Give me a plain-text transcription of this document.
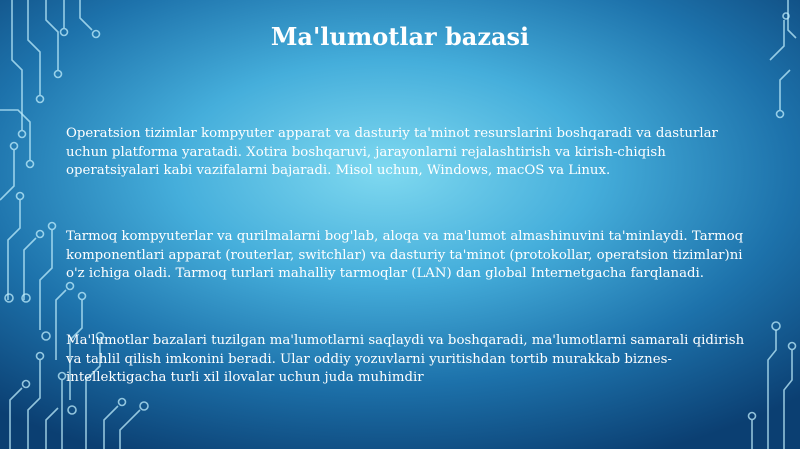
Ma'lumotlar bazasi

Operatsion tizimlar kompyuter apparat va dasturiy ta'minot resurslarini boshqaradi va dasturlar uchun platforma yaratadi. Xotira boshqaruvi, jarayonlarni rejalashtirish va kirish-chiqish operatsiyalari kabi vazifalarni bajaradi. Misol uchun, Windows, macOS va Linux.

Tarmoq kompyuterlar va qurilmalarni bog'lab, aloqa va ma'lumot almashinuvini ta'minlaydi. Tarmoq komponentlari apparat (routerlar, switchlar) va dasturiy ta'minot (protokollar, operatsion tizimlar)ni o'z ichiga oladi. Tarmoq turlari mahalliy tarmoqlar (LAN) dan global Internetgacha farqlanadi.

Ma'lumotlar bazalari tuzilgan ma'lumotlarni saqlaydi va boshqaradi, ma'lumotlarni samarali qidirish va tahlil qilish imkonini beradi. Ular oddiy yozuvlarni yuritishdan tortib murakkab biznes-intellektigacha turli xil ilovalar uchun juda muhimdir
